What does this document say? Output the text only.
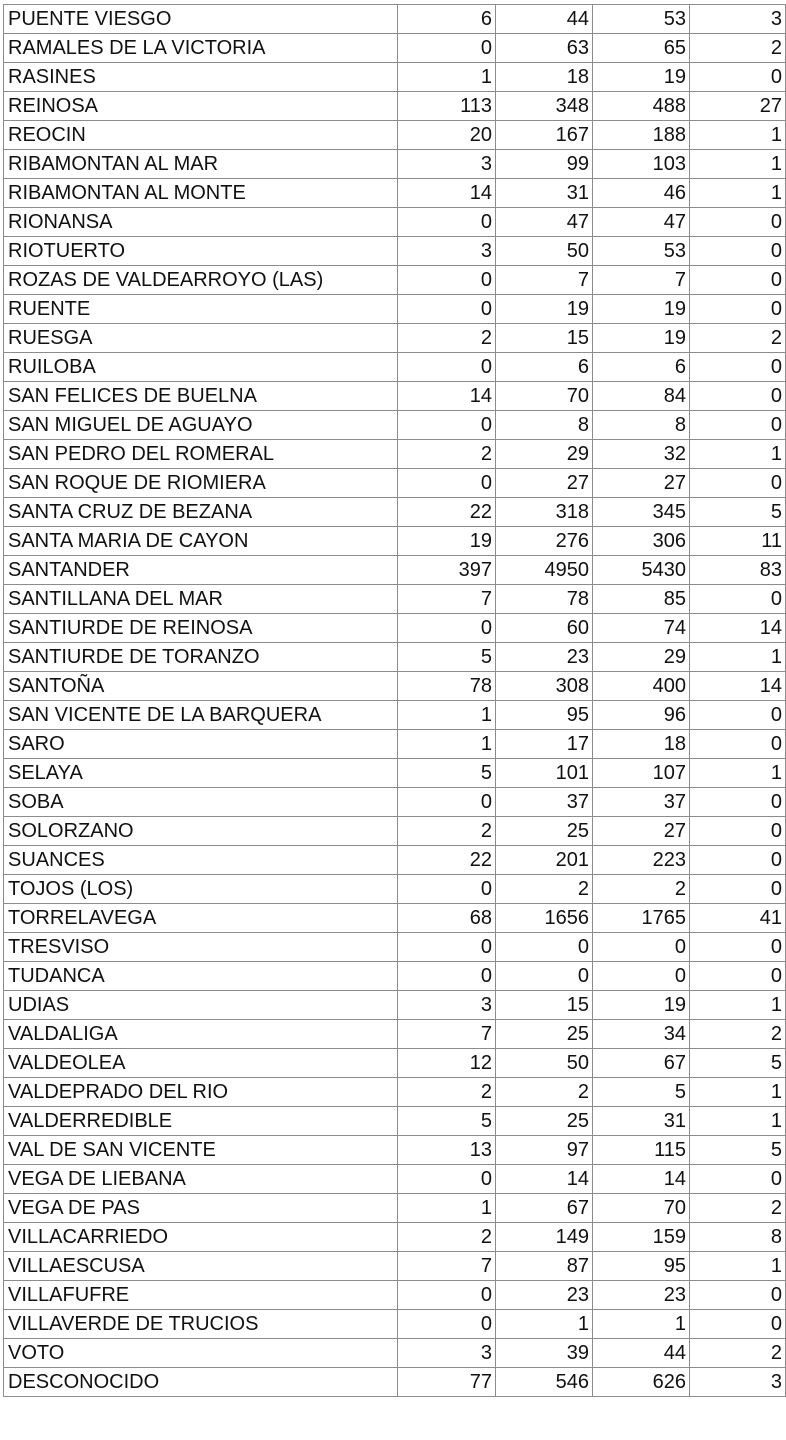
PUENTE VIESGO	6	44	53	3
RAMALES DE LA VICTORIA	0	63	65	2
RASINES	1	18	19	0
REINOSA	113	348	488	27
REOCIN	20	167	188	1
RIBAMONTAN AL MAR	3	99	103	1
RIBAMONTAN AL MONTE	14	31	46	1
RIONANSA	0	47	47	0
RIOTUERTO	3	50	53	0
ROZAS DE VALDEARROYO (LAS)	0	7	7	0
RUENTE	0	19	19	0
RUESGA	2	15	19	2
RUILOBA	0	6	6	0
SAN FELICES DE BUELNA	14	70	84	0
SAN MIGUEL DE AGUAYO	0	8	8	0
SAN PEDRO DEL ROMERAL	2	29	32	1
SAN ROQUE DE RIOMIERA	0	27	27	0
SANTA CRUZ DE BEZANA	22	318	345	5
SANTA MARIA DE CAYON	19	276	306	11
SANTANDER	397	4950	5430	83
SANTILLANA DEL MAR	7	78	85	0
SANTIURDE DE REINOSA	0	60	74	14
SANTIURDE DE TORANZO	5	23	29	1
SANTOÑA	78	308	400	14
SAN VICENTE DE LA BARQUERA	1	95	96	0
SARO	1	17	18	0
SELAYA	5	101	107	1
SOBA	0	37	37	0
SOLORZANO	2	25	27	0
SUANCES	22	201	223	0
TOJOS (LOS)	0	2	2	0
TORRELAVEGA	68	1656	1765	41
TRESVISO	0	0	0	0
TUDANCA	0	0	0	0
UDIAS	3	15	19	1
VALDALIGA	7	25	34	2
VALDEOLEA	12	50	67	5
VALDEPRADO DEL RIO	2	2	5	1
VALDERREDIBLE	5	25	31	1
VAL DE SAN VICENTE	13	97	115	5
VEGA DE LIEBANA	0	14	14	0
VEGA DE PAS	1	67	70	2
VILLACARRIEDO	2	149	159	8
VILLAESCUSA	7	87	95	1
VILLAFUFRE	0	23	23	0
VILLAVERDE DE TRUCIOS	0	1	1	0
VOTO	3	39	44	2
DESCONOCIDO	77	546	626	3
